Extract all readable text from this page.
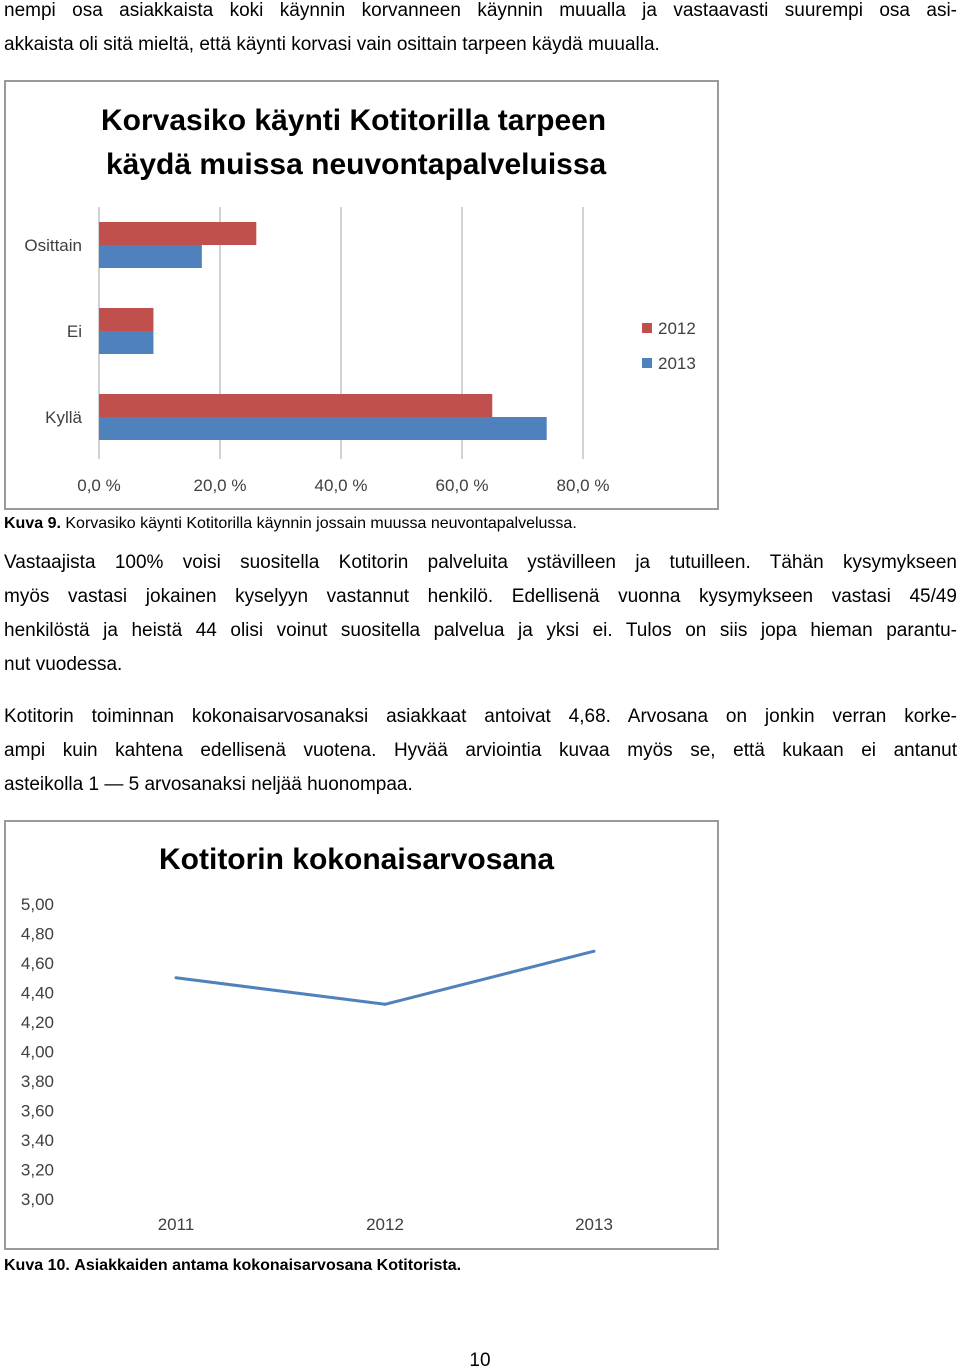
nempi osa asiakkaista koki käynnin korvanneen käynnin muualla ja vastaavasti suurempi osa asi-
akkaista oli sitä mieltä, että käynti korvasi vain osittain tarpeen käydä muualla.
Korvasiko käynti Kotitorilla tarpeen
käydä muissa neuvontapalveluissa
0,0 %	20,0 %	40,0 %	60,0 %	80,0 %
Osittain
Ei
Kyllä
2012
2013

Kuva 9. Korvasiko käynti Kotitorilla käynnin jossain muussa neuvontapalvelussa.

Vastaajista 100% voisi suositella Kotitorin palveluita ystävilleen ja tutuilleen. Tähän kysymykseen
myös vastasi jokainen kyselyyn vastannut henkilö. Edellisenä vuonna kysymykseen vastasi 45/49
henkilöstä ja heistä 44 olisi voinut suositella palvelua ja yksi ei. Tulos on siis jopa hieman parantu-
nut vuodessa.
Kotitorin toiminnan kokonaisarvosanaksi asiakkaat antoivat 4,68. Arvosana on jonkin verran korke-
ampi kuin kahtena edellisenä vuotena. Hyvää arviointia kuvaa myös se, että kukaan ei antanut
asteikolla 1 — 5 arvosanaksi neljää huonompaa.
Kotitorin kokonaisarvosana
5,00
4,80
4,60
4,40
4,20
4,00
3,80
3,60
3,40
3,20
3,00
2011	2012	2013

Kuva 10. Asiakkaiden antama kokonaisarvosana Kotitorista.

10
